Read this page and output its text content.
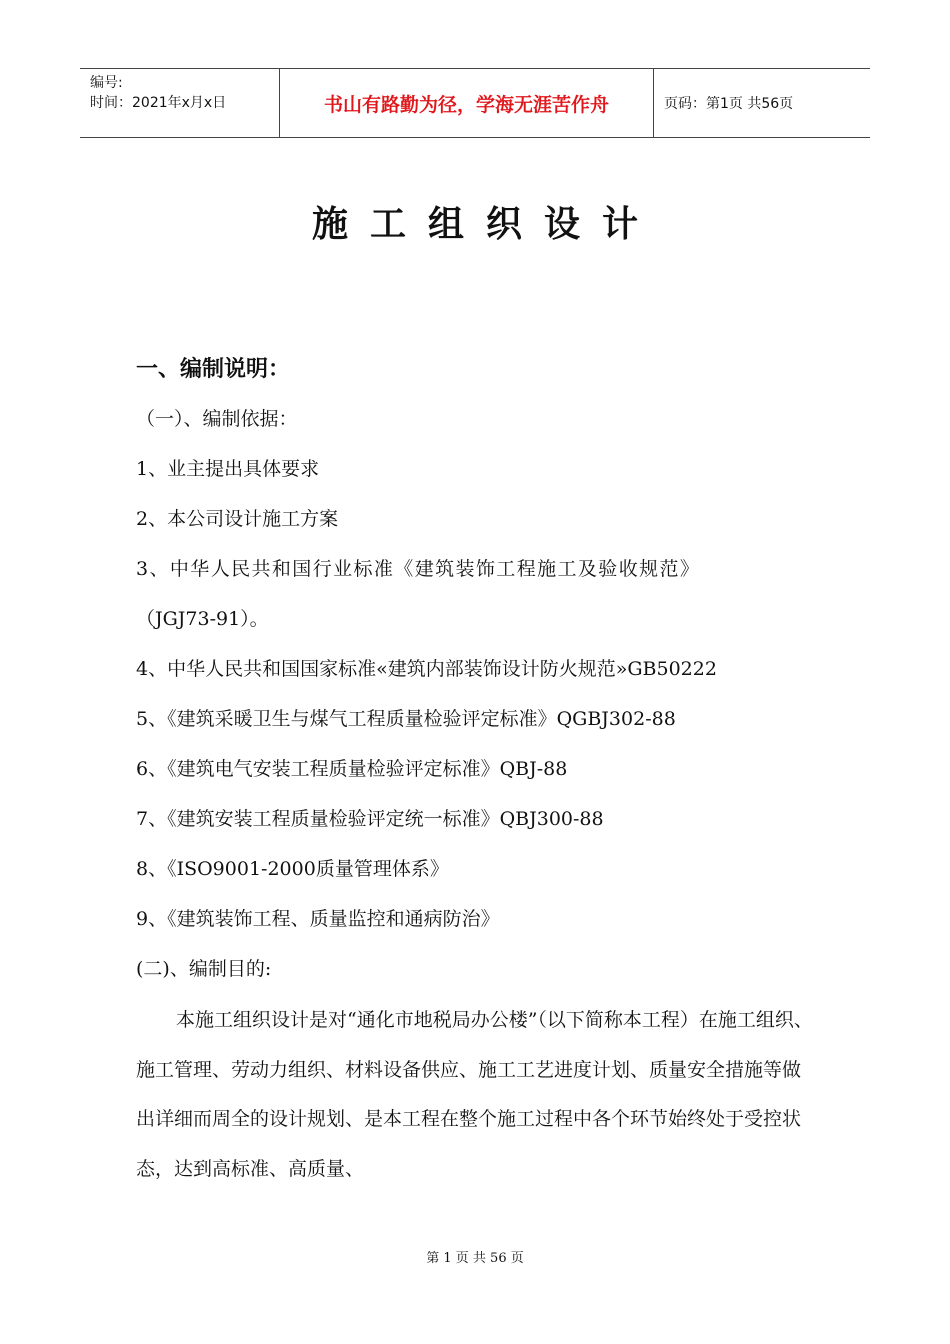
编号:
时间：2021年x月x日	书山有路勤为径，学海无涯苦作舟	页码：第1页 共56页
施工组织设计
一、编制说明：
（一）、编制依据：
1、业主提出具体要求
2、本公司设计施工方案
3、中华人民共和国行业标准《建筑装饰工程施工及验收规范》
（JGJ73-91）。
4、中华人民共和国国家标准«建筑内部装饰设计防火规范»GB50222
5、《建筑采暖卫生与煤气工程质量检验评定标准》QGBJ302-88
6、《建筑电气安装工程质量检验评定标准》QBJ-88
7、《建筑安装工程质量检验评定统一标准》QBJ300-88
8、《ISO9001-2000质量管理体系》
9、《建筑装饰工程、质量监控和通病防治》
(二)、编制目的:
本施工组织设计是对“通化市地税局办公楼”（以下简称本工程）在施工组织、施工管理、劳动力组织、材料设备供应、施工工艺进度计划、质量安全措施等做出详细而周全的设计规划、是本工程在整个施工过程中各个环节始终处于受控状态，达到高标准、高质量、
第 1 页 共 56 页
